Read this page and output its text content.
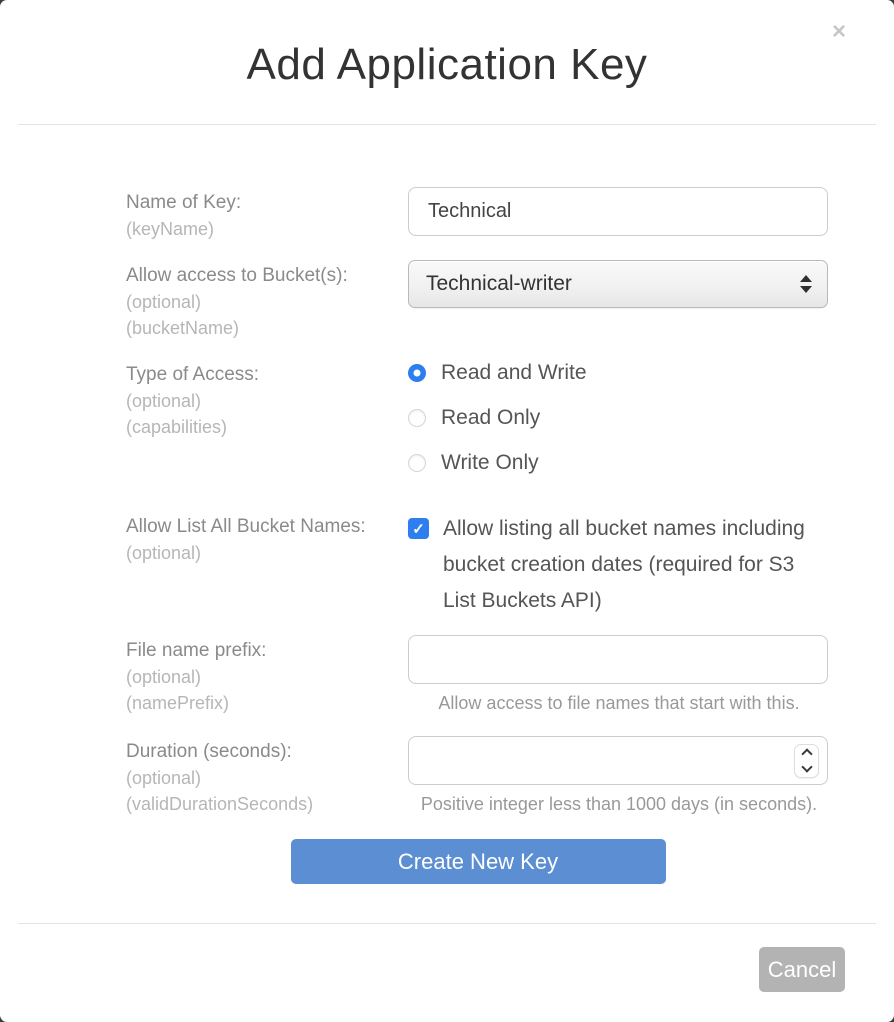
×
Add Application Key
Name of Key:
(keyName)
Technical
Allow access to Bucket(s):
(optional)
(bucketName)
Technical-writer
Type of Access:
(optional)
(capabilities)
Read and Write
Read Only
Write Only
Allow List All Bucket Names:
(optional)
✓ Allow listing all bucket names including bucket creation dates (required for S3 List Buckets API)
File name prefix:
(optional)
(namePrefix)	Allow access to file names that start with this.
Duration (seconds):
(optional)
(validDurationSeconds)	Positive integer less than 1000 days (in seconds).
Create New Key
Cancel
